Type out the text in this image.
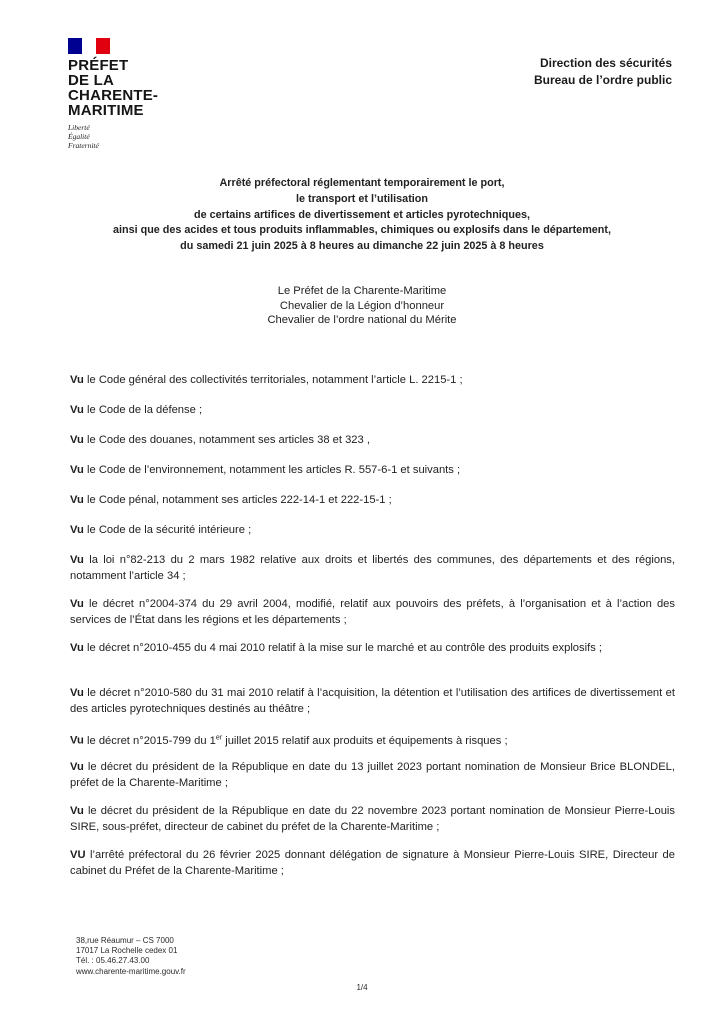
PRÉFET
DE LA
CHARENTE-
MARITIME
Liberté
Égalité
Fraternité
Direction des sécurités
Bureau de l’ordre public
Arrêté préfectoral réglementant temporairement le port,
le transport et l’utilisation
de certains artifices de divertissement et articles pyrotechniques,
ainsi que des acides et tous produits inflammables, chimiques ou explosifs dans le département,
du samedi 21 juin 2025 à 8 heures au dimanche 22 juin 2025 à 8 heures
Le Préfet de la Charente-Maritime
Chevalier de la Légion d’honneur
Chevalier de l’ordre national du Mérite

Vu le Code général des collectivités territoriales, notamment l’article L. 2215-1 ;

Vu le Code de la défense ;

Vu le Code des douanes, notamment ses articles 38 et 323 ,

Vu le Code de l’environnement, notamment les articles R. 557-6-1 et suivants ;

Vu le Code pénal, notamment ses articles 222-14-1 et 222-15-1 ;

Vu le Code de la sécurité intérieure ;

Vu la loi n°82-213 du 2 mars 1982 relative aux droits et libertés des communes, des départements et des régions, notamment l’article 34 ;

Vu le décret n°2004-374 du 29 avril 2004, modifié, relatif aux pouvoirs des préfets, à l’organisation et à l’action des services de l’État dans les régions et les départements ;

Vu le décret n°2010-455 du 4 mai 2010 relatif à la mise sur le marché et au contrôle des produits explosifs ;

Vu le décret n°2010-580 du 31 mai 2010 relatif à l’acquisition, la détention et l’utilisation des artifices de divertissement et des articles pyrotechniques destinés au théâtre ;

Vu le décret n°2015-799 du 1er juillet 2015 relatif aux produits et équipements à risques ;

Vu le décret du président de la République en date du 13 juillet 2023 portant nomination de Monsieur Brice BLONDEL, préfet de la Charente-Maritime ;

Vu le décret du président de la République en date du 22 novembre 2023 portant nomination de Monsieur Pierre-Louis SIRE, sous-préfet, directeur de cabinet du préfet de la Charente-Maritime ;

VU l’arrêté préfectoral du 26 février 2025 donnant délégation de signature à Monsieur Pierre-Louis SIRE, Directeur de cabinet du Préfet de la Charente-Maritime ;

38,rue Réaumur – CS 7000
17017 La Rochelle cedex 01
Tél. : 05.46.27.43.00
www.charente-maritime.gouv.fr
1/4
